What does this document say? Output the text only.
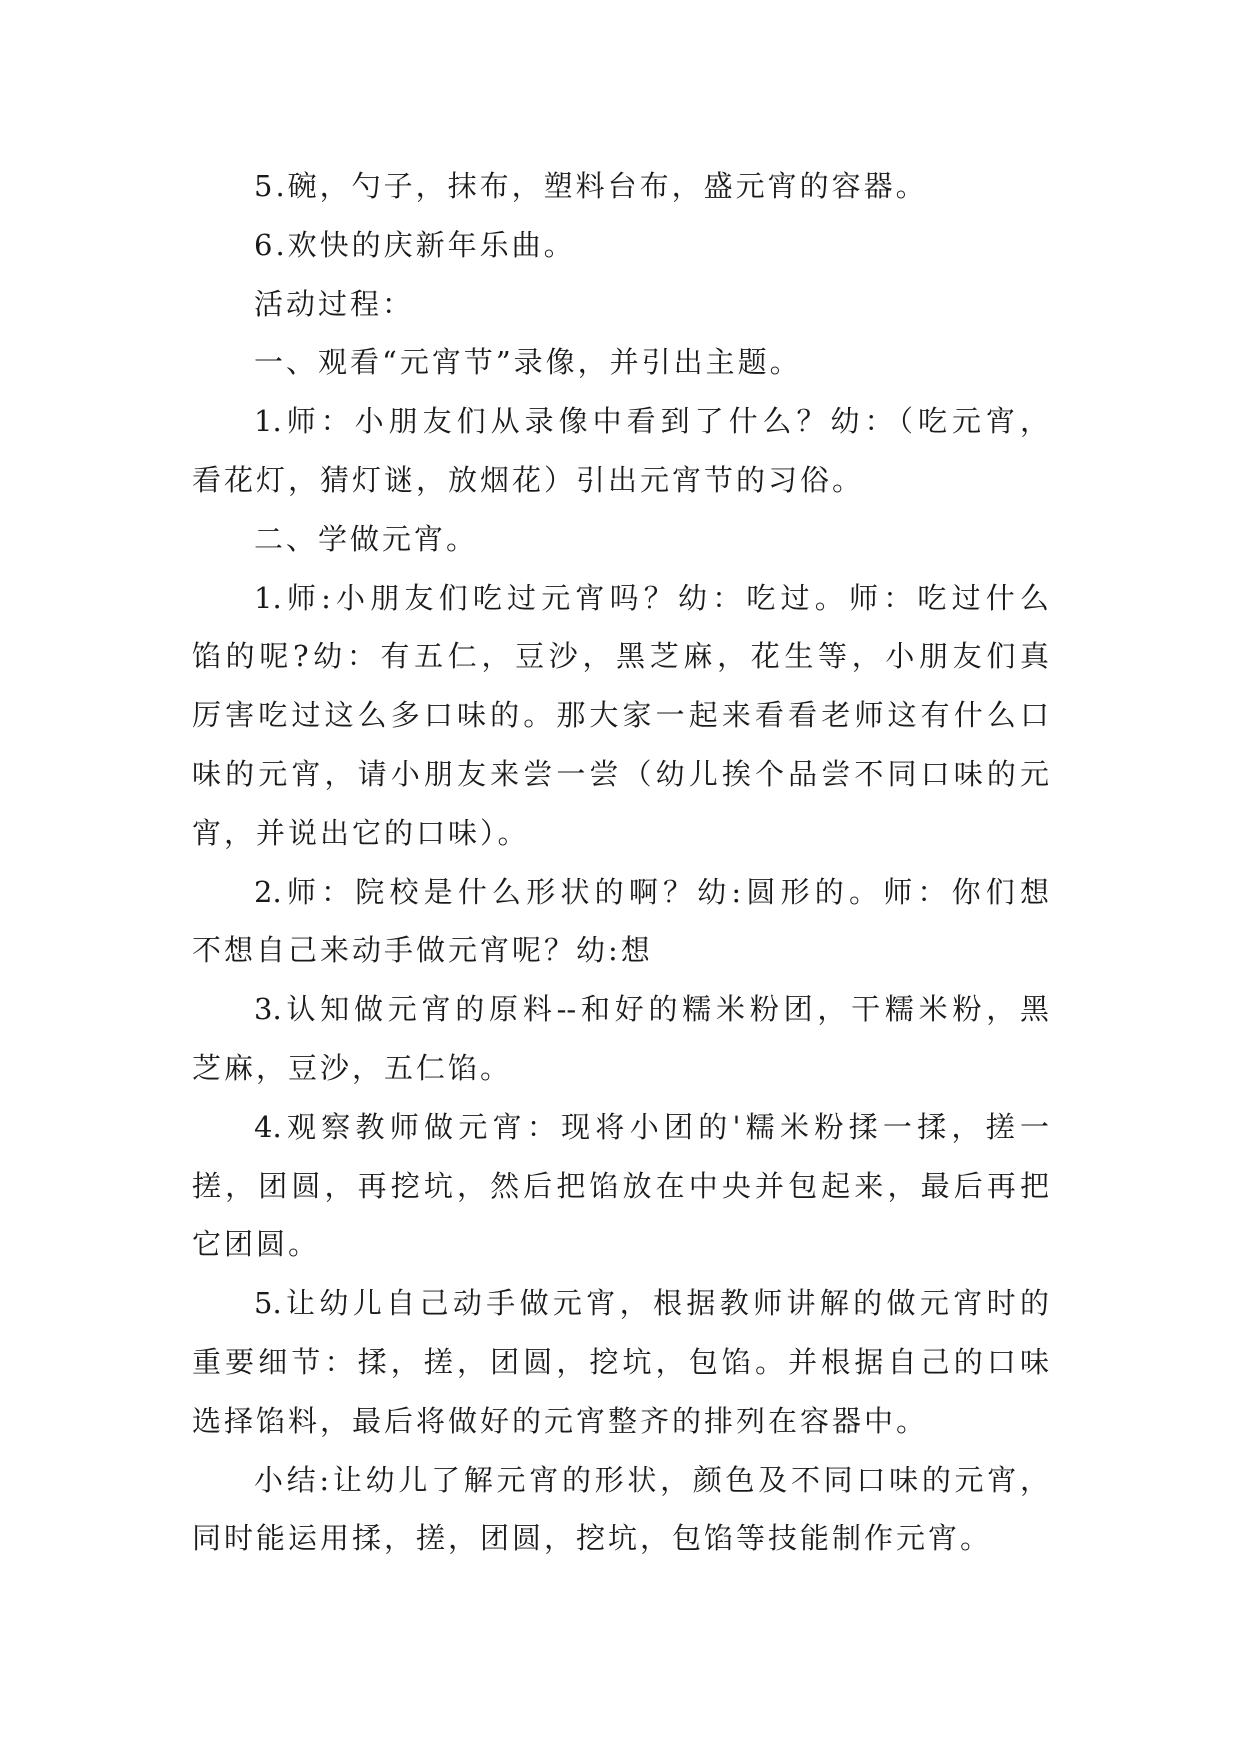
5.碗，勺子，抹布，塑料台布，盛元宵的容器。
6.欢快的庆新年乐曲。
活动过程：
一、观看“元宵节”录像，并引出主题。
1.师：小朋友们从录像中看到了什么？幼：（吃元宵，
看花灯，猜灯谜，放烟花）引出元宵节的习俗。
二、学做元宵。
1.师:小朋友们吃过元宵吗？幼：吃过。师：吃过什么
馅的呢?幼：有五仁，豆沙，黑芝麻，花生等，小朋友们真
厉害吃过这么多口味的。那大家一起来看看老师这有什么口
味的元宵，请小朋友来尝一尝（幼儿挨个品尝不同口味的元
宵，并说出它的口味）。
2.师：院校是什么形状的啊？幼:圆形的。师：你们想
不想自己来动手做元宵呢？幼:想
3.认知做元宵的原料--和好的糯米粉团，干糯米粉，黑
芝麻，豆沙，五仁馅。
4.观察教师做元宵：现将小团的'糯米粉揉一揉，搓一
搓，团圆，再挖坑，然后把馅放在中央并包起来，最后再把
它团圆。
5.让幼儿自己动手做元宵，根据教师讲解的做元宵时的
重要细节：揉，搓，团圆，挖坑，包馅。并根据自己的口味
选择馅料，最后将做好的元宵整齐的排列在容器中。
小结:让幼儿了解元宵的形状，颜色及不同口味的元宵，
同时能运用揉，搓，团圆，挖坑，包馅等技能制作元宵。
